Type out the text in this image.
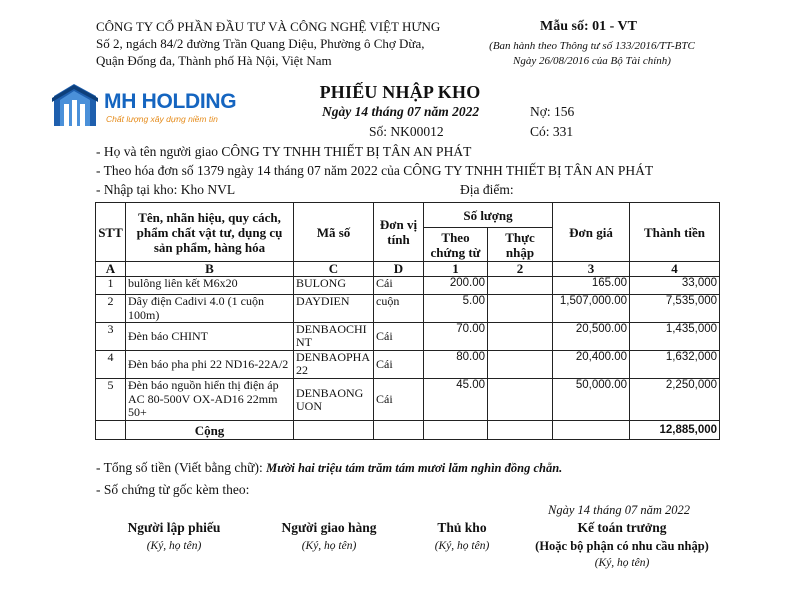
CÔNG TY CỔ PHẦN ĐẦU TƯ VÀ CÔNG NGHỆ VIỆT HƯNG
Số 2, ngách 84/2 đường Trần Quang Diệu, Phường ô Chợ Dừa,
Quận Đống đa, Thành phố Hà Nội, Việt Nam
Mẫu số: 01 - VT
(Ban hành theo Thông tư số 133/2016/TT-BTC
Ngày 26/08/2016 của Bộ Tài chính)
MH HOLDING
Chất lượng xây dựng niềm tin
PHIẾU NHẬP KHO
Ngày 14 tháng 07 năm 2022
Số: NK00012
Nợ: 156
Có: 331
- Họ và tên người giao CÔNG TY TNHH THIẾT BỊ TÂN AN PHÁT
- Theo hóa đơn số 1379 ngày 14 tháng 07 năm 2022 của CÔNG TY TNHH THIẾT BỊ TÂN AN PHÁT
- Nhập tại kho: Kho NVL	Địa điểm:
STT	Tên, nhãn hiệu, quy cách, phẩm chất vật tư, dụng cụ sản phẩm, hàng hóa	Mã số	Đơn vị tính	Số lượng		Đơn giá	Thành tiền
				Theo chứng từ	Thực nhập		
A	B	C	D	1	2	3	4
1	bulông liên kết M6x20	BULONG	Cái	200.00		165.00	33,000
2	Dây điện Cadivi 4.0 (1 cuộn 100m)	DAYDIEN	cuộn	5.00		1,507,000.00	7,535,000
3	Đèn báo CHINT	DENBAOCHINT	Cái	70.00		20,500.00	1,435,000
4	Đèn báo pha phi 22 ND16-22A/2	DENBAOPHA22	Cái	80.00		20,400.00	1,632,000
5	Đèn báo nguồn hiển thị điện áp AC 80-500V OX-AD16 22mm 50+	DENBAONGUON	Cái	45.00		50,000.00	2,250,000
	Cộng						12,885,000
- Tổng số tiền (Viết bằng chữ): Mười hai triệu tám trăm tám mươi lăm nghìn đồng chẵn.
- Số chứng từ gốc kèm theo:
Ngày 14 tháng 07 năm 2022
Người lập phiếu
(Ký, họ tên)
Người giao hàng
(Ký, họ tên)
Thủ kho
(Ký, họ tên)
Kế toán trưởng
(Hoặc bộ phận có nhu cầu nhập)
(Ký, họ tên)
